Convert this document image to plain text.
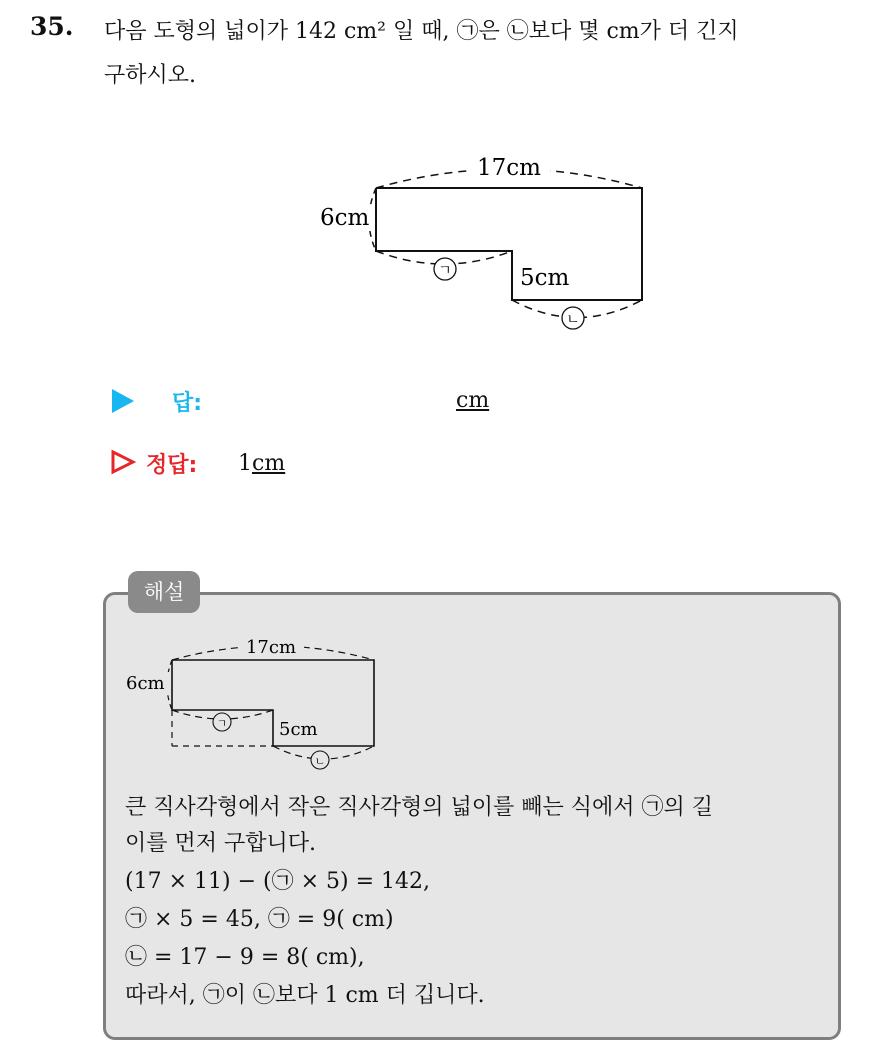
35. 다음 도형의 넓이가 142 cm² 일 때, ㉠은 ㉡보다 몇 cm가 더 긴지
구하시오.
17cm
6cm
5cm
ㄱ
ㄴ
답:	cm
정답: 1 cm
해설
17cm
6cm
5cm
ㄱ
ㄴ
큰 직사각형에서 작은 직사각형의 넓이를 빼는 식에서 ㉠의 길
이를 먼저 구합니다.
(17 × 11) − (㉠ × 5) = 142,
㉠ × 5 = 45, ㉠ = 9( cm)
㉡ = 17 − 9 = 8( cm),
따라서, ㉠이 ㉡보다 1 cm 더 깁니다.
